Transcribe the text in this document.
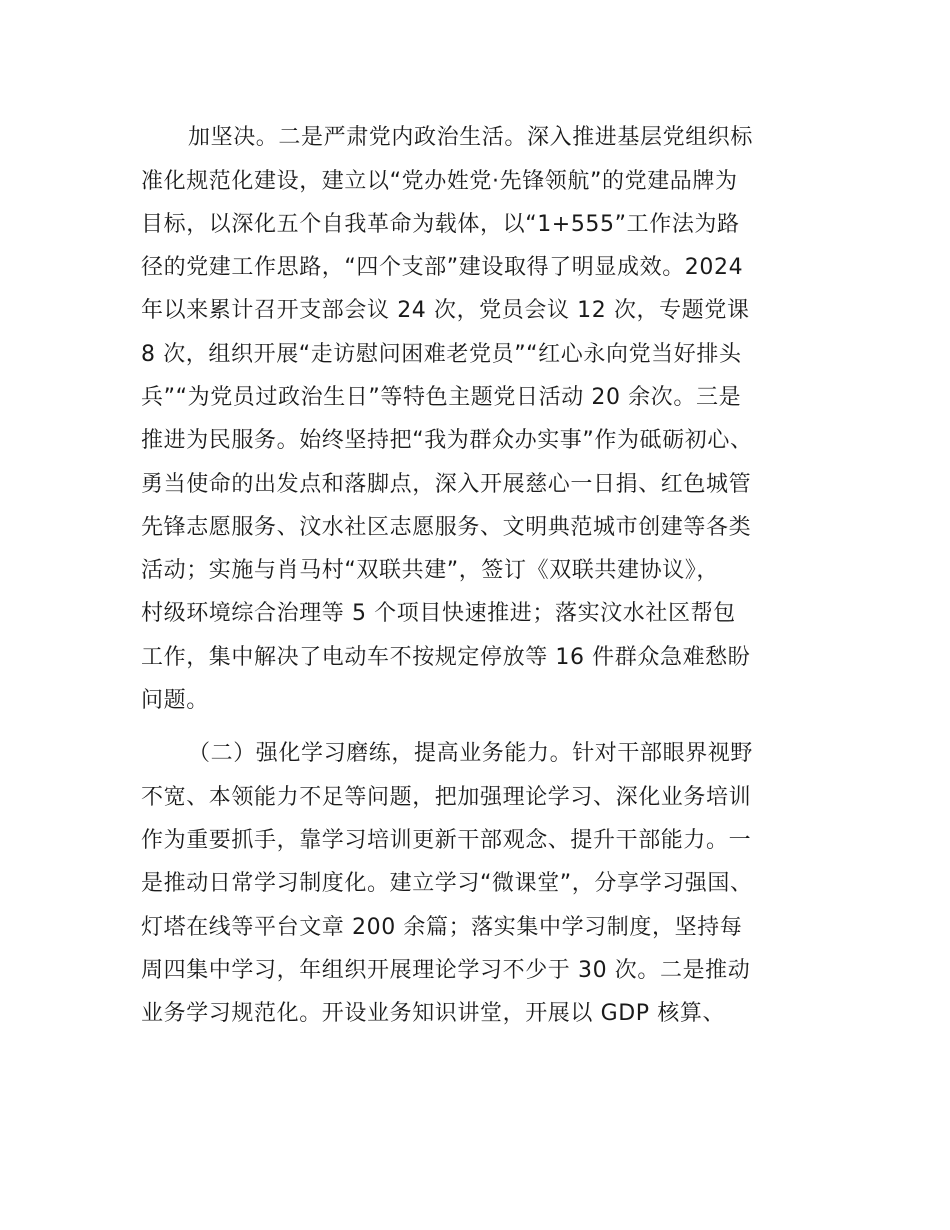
加坚决。二是严肃党内政治生活。深入推进基层党组织标
准化规范化建设，建立以“党办姓党·先锋领航”的党建品牌为
目标，以深化五个自我革命为载体，以“1+555”工作法为路
径的党建工作思路，“四个支部”建设取得了明显成效。2024
年以来累计召开支部会议 24 次，党员会议 12 次，专题党课
8 次，组织开展“走访慰问困难老党员”“红心永向党当好排头
兵”“为党员过政治生日”等特色主题党日活动 20 余次。三是
推进为民服务。始终坚持把“我为群众办实事”作为砥砺初心、
勇当使命的出发点和落脚点，深入开展慈心一日捐、红色城管
先锋志愿服务、汶水社区志愿服务、文明典范城市创建等各类
活动；实施与肖马村“双联共建”，签订《双联共建协议》，
村级环境综合治理等 5 个项目快速推进；落实汶水社区帮包
工作，集中解决了电动车不按规定停放等 16 件群众急难愁盼
问题。
（二）强化学习磨练，提高业务能力。针对干部眼界视野
不宽、本领能力不足等问题，把加强理论学习、深化业务培训
作为重要抓手，靠学习培训更新干部观念、提升干部能力。一
是推动日常学习制度化。建立学习“微课堂”，分享学习强国、
灯塔在线等平台文章 200 余篇；落实集中学习制度，坚持每
周四集中学习，年组织开展理论学习不少于 30 次。二是推动
业务学习规范化。开设业务知识讲堂，开展以 GDP 核算、
